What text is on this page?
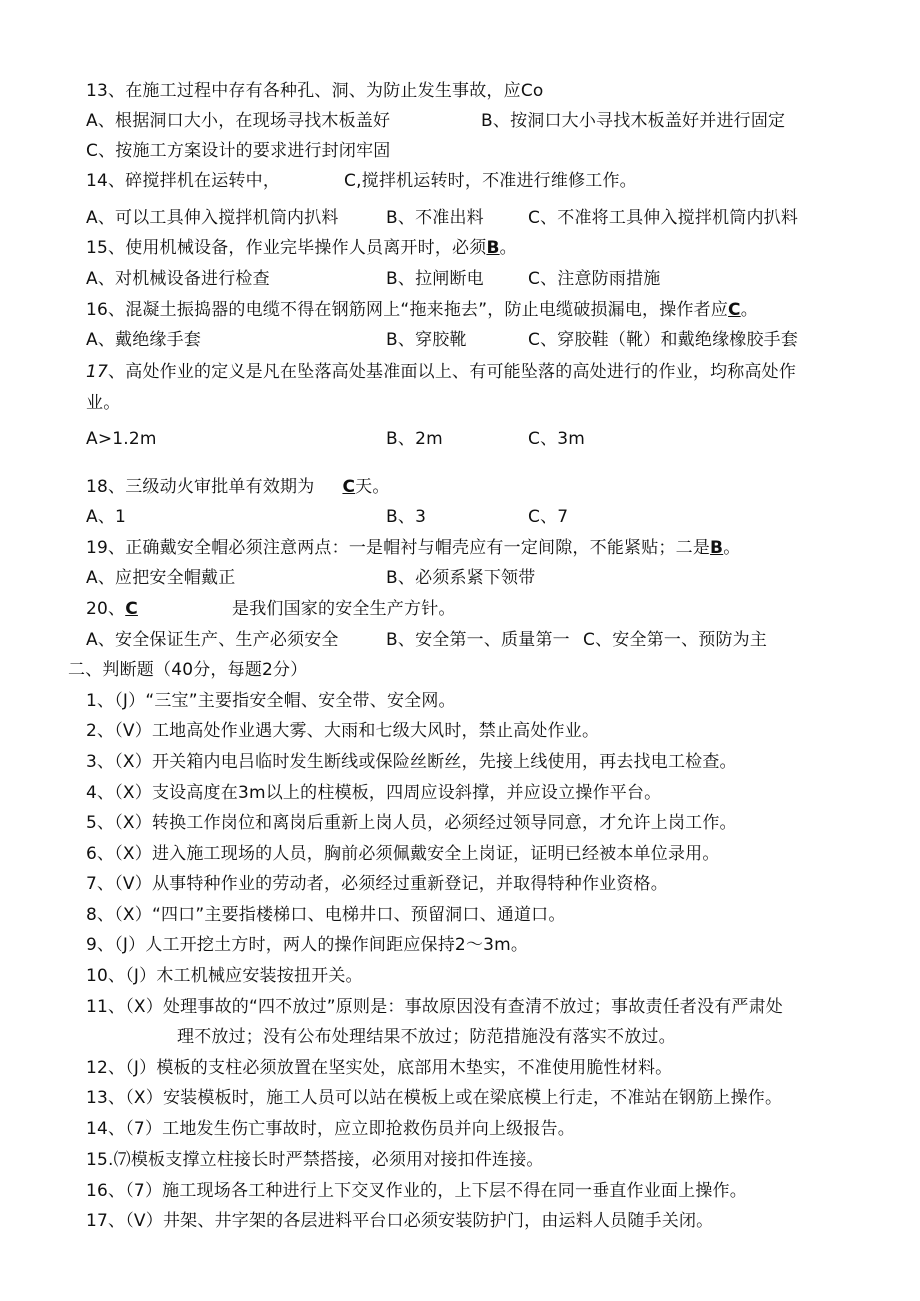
13、在施工过程中存有各种孔、洞、为防止发生事故，应Co
A、根据洞口大小，在现场寻找木板盖好	B、按洞口大小寻找木板盖好并进行固定
C、按施工方案设计的要求进行封闭牢固
14、碎搅拌机在运转中，	C,搅拌机运转时，不准进行维修工作。
A、可以工具伸入搅拌机筒内扒料	B、不准出料	C、不准将工具伸入搅拌机筒内扒料
15、使用机械设备，作业完毕操作人员离开时，必须B。
A、对机械设备进行检查	B、拉闸断电	C、注意防雨措施
16、混凝土振捣器的电缆不得在钢筋网上“拖来拖去”，防止电缆破损漏电，操作者应C。
A、戴绝缘手套	B、穿胶靴	C、穿胶鞋（靴）和戴绝缘橡胶手套
17、高处作业的定义是凡在坠落高处基准面以上、有可能坠落的高处进行的作业，均称高处作
业。
A>1.2m	B、2m	C、3m
18、三级动火审批单有效期为 C天。
A、1	B、3	C、7
19、正确戴安全帽必须注意两点：一是帽衬与帽壳应有一定间隙，不能紧贴；二是B。
A、应把安全帽戴正	B、必须系紧下领带
20、C	是我们国家的安全生产方针。
A、安全保证生产、生产必须安全	B、安全第一、质量第一 C、安全第一、预防为主
二、判断题（40分，每题2分）
1、（J）“三宝”主要指安全帽、安全带、安全网。
2、（V）工地高处作业遇大雾、大雨和七级大风时，禁止高处作业。
3、（X）开关箱内电吕临时发生断线或保险丝断丝，先接上线使用，再去找电工检查。
4、（X）支设高度在3m以上的柱模板，四周应设斜撑，并应设立操作平台。
5、（X）转换工作岗位和离岗后重新上岗人员，必须经过领导同意，才允许上岗工作。
6、（X）进入施工现场的人员，胸前必须佩戴安全上岗证，证明已经被本单位录用。
7、（V）从事特种作业的劳动者，必须经过重新登记，并取得特种作业资格。
8、（X）“四口”主要指楼梯口、电梯井口、预留洞口、通道口。
9、（J）人工开挖土方时，两人的操作间距应保持2〜3m。
10、（J）木工机械应安装按扭开关。
11、（X）处理事故的“四不放过”原则是：事故原因没有查清不放过；事故责任者没有严肃处
理不放过；没有公布处理结果不放过；防范措施没有落实不放过。
12、（J）模板的支柱必须放置在坚实处，底部用木垫实，不准使用脆性材料。
13、（X）安装模板时，施工人员可以站在模板上或在梁底模上行走，不准站在钢筋上操作。
14、（7）工地发生伤亡事故时，应立即抢救伤员并向上级报告。
15.⑺模板支撑立柱接长时严禁搭接，必须用对接扣件连接。
16、（7）施工现场各工种进行上下交叉作业的，上下层不得在同一垂直作业面上操作。
17、（V）井架、井字架的各层进料平台口必须安装防护门，由运料人员随手关闭。
